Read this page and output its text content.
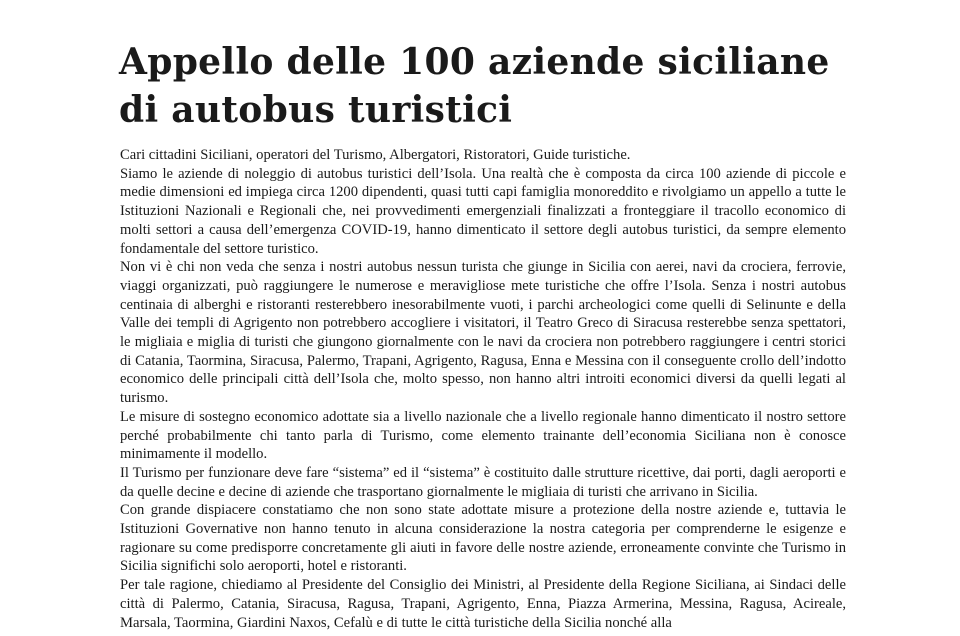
Appello delle 100 aziende siciliane di autobus turistici

Cari cittadini Siciliani, operatori del Turismo, Albergatori, Ristoratori, Guide turistiche.

Siamo le aziende di noleggio di autobus turistici dell’Isola. Una realtà che è composta da circa 100 aziende di piccole e medie dimensioni ed impiega circa 1200 dipendenti, quasi tutti capi famiglia monoreddito e rivolgiamo un appello a tutte le Istituzioni Nazionali e Regionali che, nei provvedimenti emergenziali finalizzati a fronteggiare il tracollo economico di molti settori a causa dell’emergenza COVID-19, hanno dimenticato il settore degli autobus turistici, da sempre elemento fondamentale del settore turistico.

Non vi è chi non veda che senza i nostri autobus nessun turista che giunge in Sicilia con aerei, navi da crociera, ferrovie, viaggi organizzati, può raggiungere le numerose e meravigliose mete turistiche che offre l’Isola. Senza i nostri autobus centinaia di alberghi e ristoranti resterebbero inesorabilmente vuoti, i parchi archeologici come quelli di Selinunte e della Valle dei templi di Agrigento non potrebbero accogliere i visitatori, il Teatro Greco di Siracusa resterebbe senza spettatori, le migliaia e miglia di turisti che giungono giornalmente con le navi da crociera non potrebbero raggiungere i centri storici di Catania, Taormina, Siracusa, Palermo, Trapani, Agrigento, Ragusa, Enna e Messina con il conseguente crollo dell’indotto economico delle principali città dell’Isola che, molto spesso, non hanno altri introiti economici diversi da quelli legati al turismo.

Le misure di sostegno economico adottate sia a livello nazionale che a livello regionale hanno dimenticato il nostro settore perché probabilmente chi tanto parla di Turismo, come elemento trainante dell’economia Siciliana non è conosce minimamente il modello.

Il Turismo per funzionare deve fare “sistema” ed il “sistema” è costituito dalle strutture ricettive, dai porti, dagli aeroporti e da quelle decine e decine di aziende che trasportano giornalmente le migliaia di turisti che arrivano in Sicilia.

Con grande dispiacere constatiamo che non sono state adottate misure a protezione della nostre aziende e, tuttavia le Istituzioni Governative non hanno tenuto in alcuna considerazione la nostra categoria per comprenderne le esigenze e ragionare su come predisporre concretamente gli aiuti in favore delle nostre aziende, erroneamente convinte che Turismo in Sicilia significhi solo aeroporti, hotel e ristoranti.

Per tale ragione, chiediamo al Presidente del Consiglio dei Ministri, al Presidente della Regione Siciliana, ai Sindaci delle città di Palermo, Catania, Siracusa, Ragusa, Trapani, Agrigento, Enna, Piazza Armerina, Messina, Ragusa, Acireale, Marsala, Taormina, Giardini Naxos, Cefalù e di tutte le città turistiche della Sicilia nonché alla
